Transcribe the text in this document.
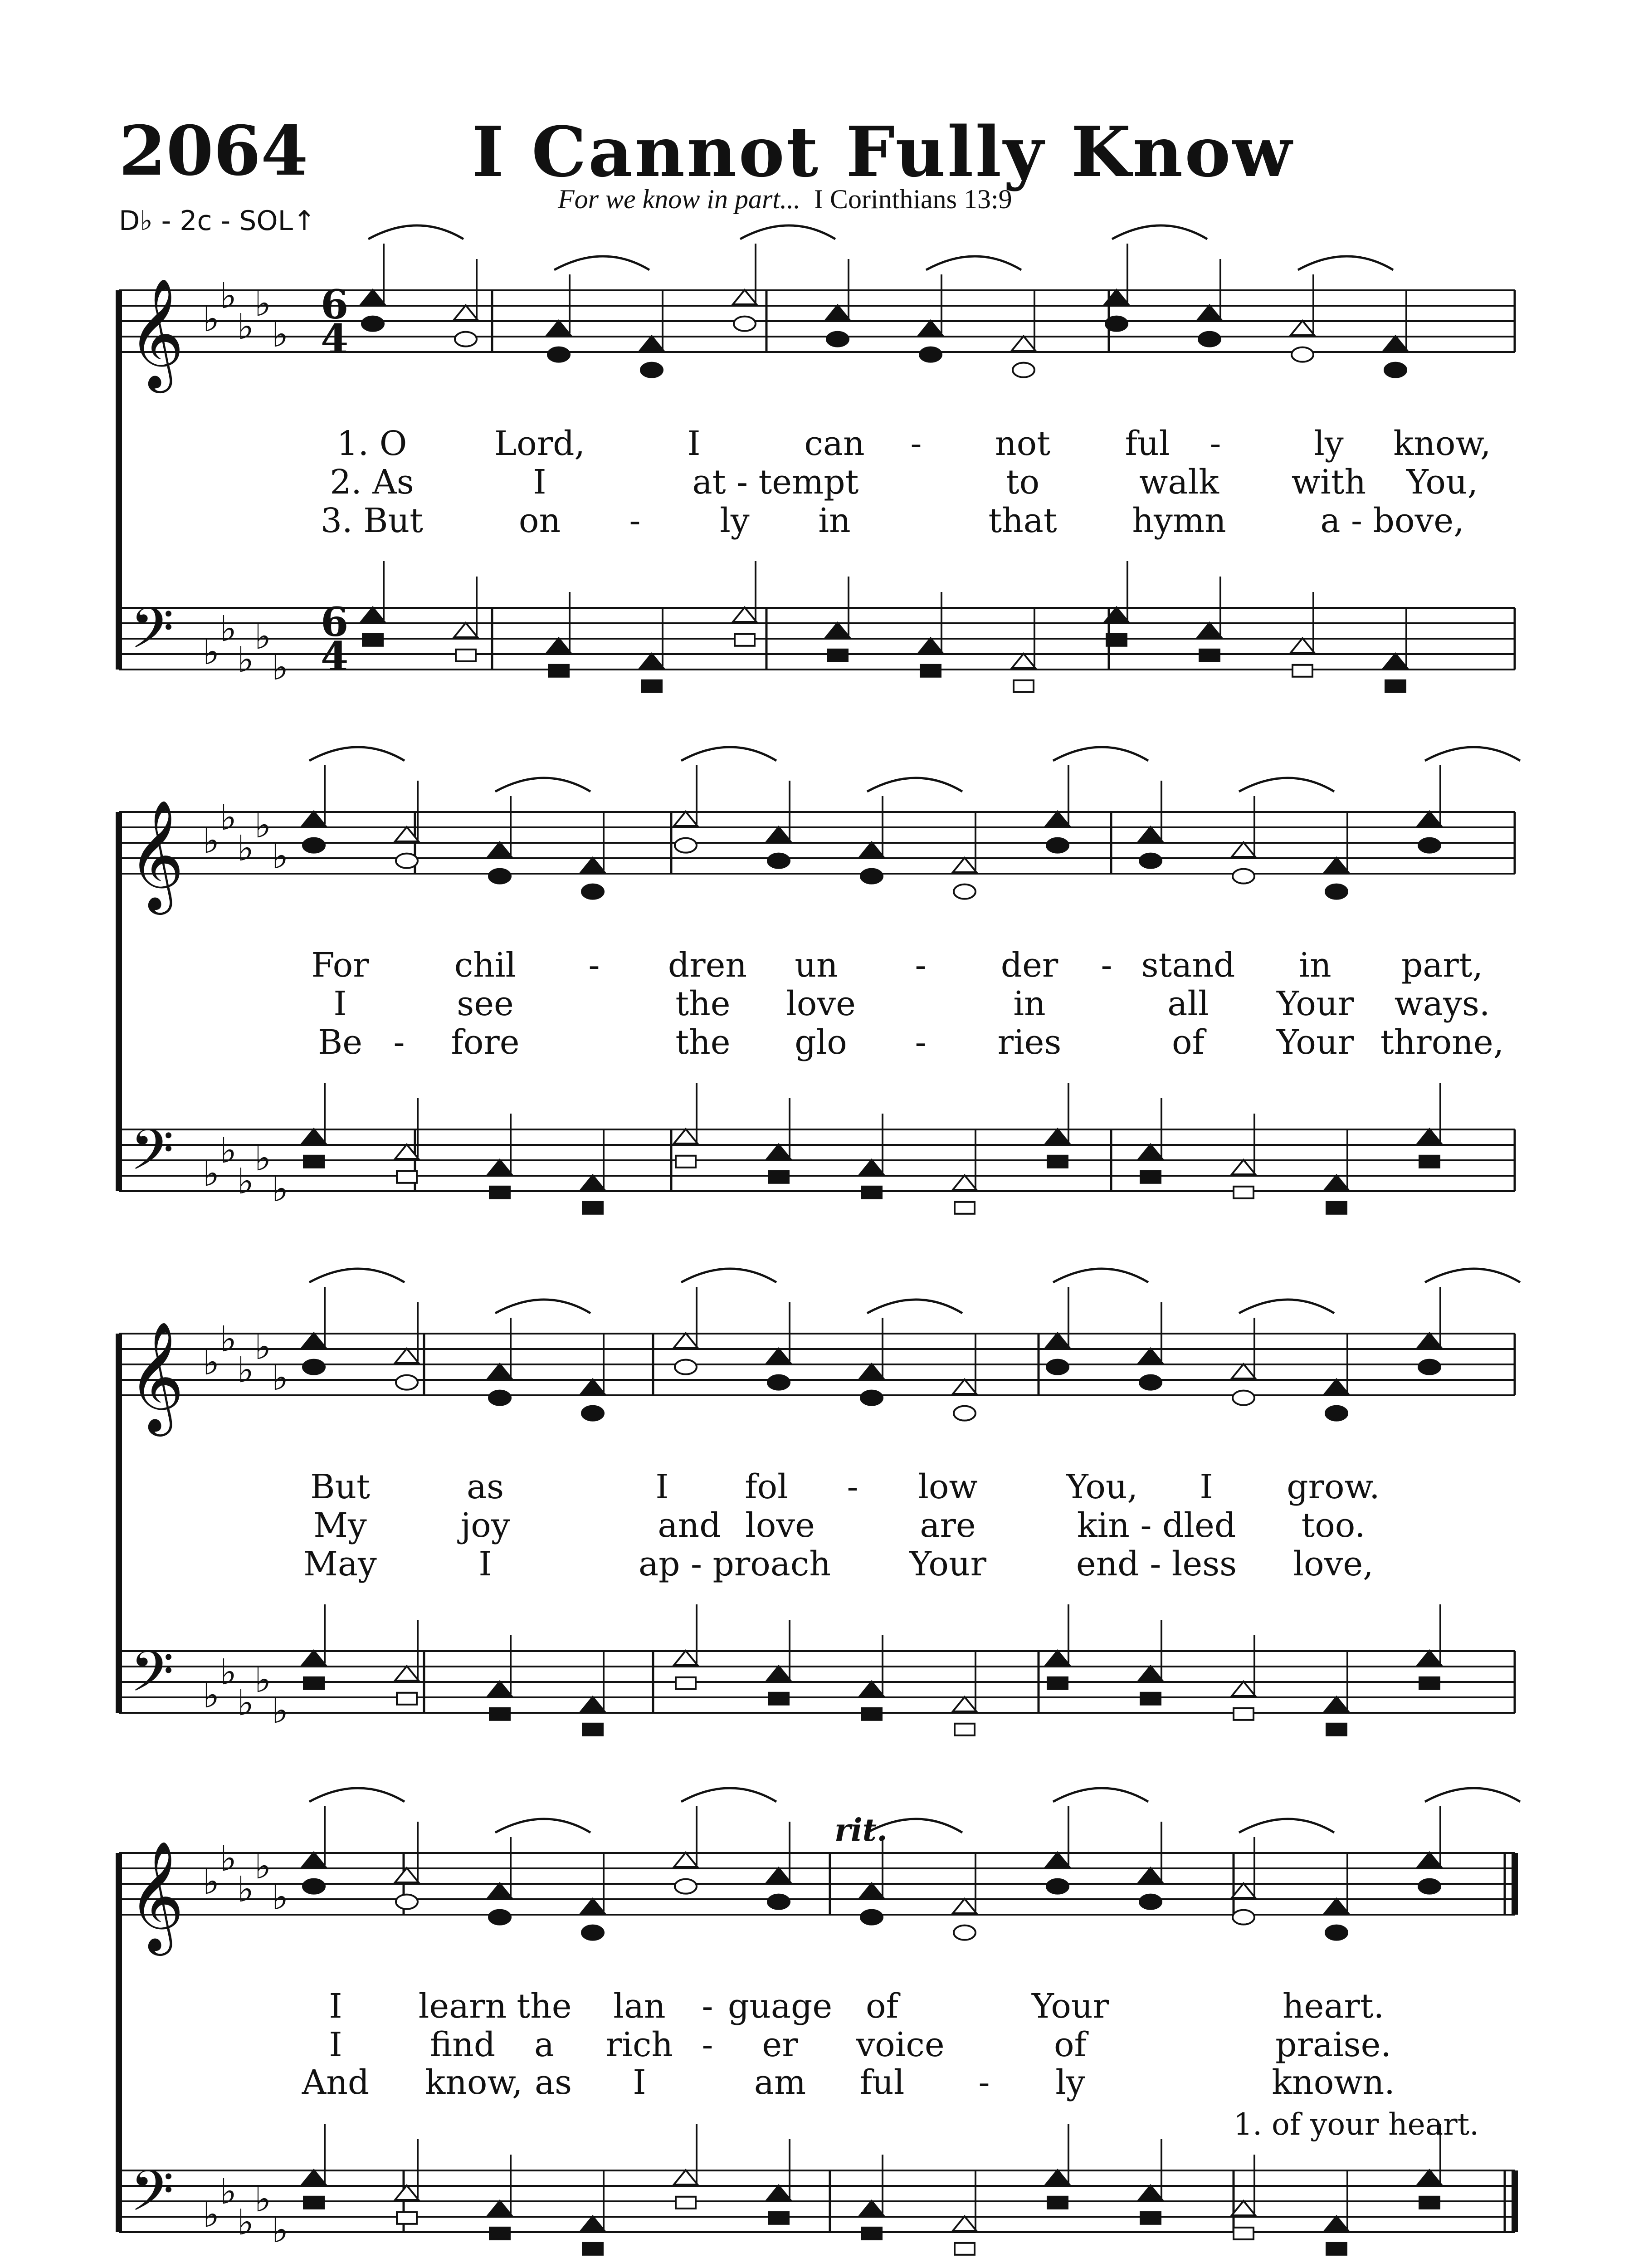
2064 I Cannot Fully Know
D♭ - 2c - SOL↑
For we know in part... I Corinthians 13:9
𝄞 ♭
♭
♭
♭
♭
6
4
𝄢 ♭
♭
♭
♭
♭
6
4
𝄞 ♭
♭
♭
♭
♭
𝄢 ♭
♭
♭
♭
♭
𝄞 ♭
♭
♭
♭
♭
𝄢 ♭
♭
♭
♭
♭
𝄞 ♭
♭
♭
♭
♭
𝄢 ♭
♭
♭
♭
♭
1. O	Lord,	I	can - not ful -	ly know,
2. As	I	at - tempt	to	walk with You,
3. But	on - ly in	that hymn	a - bove,
For	chil - dren un - der - stand in part,
I	see	the love	in	all Your ways.
Be - fore	the glo - ries	of Your throne,
But	as	I fol - low	You, I grow.
My	joy	and love	are	kin - dled too.
May	I	ap - proach Your	end - less love,
I learn the lan - guage of	Your	heart.
I	find a rich - er voice	of	praise.
And know, as I	am ful - ly	known.
rit.
1. of your heart.
